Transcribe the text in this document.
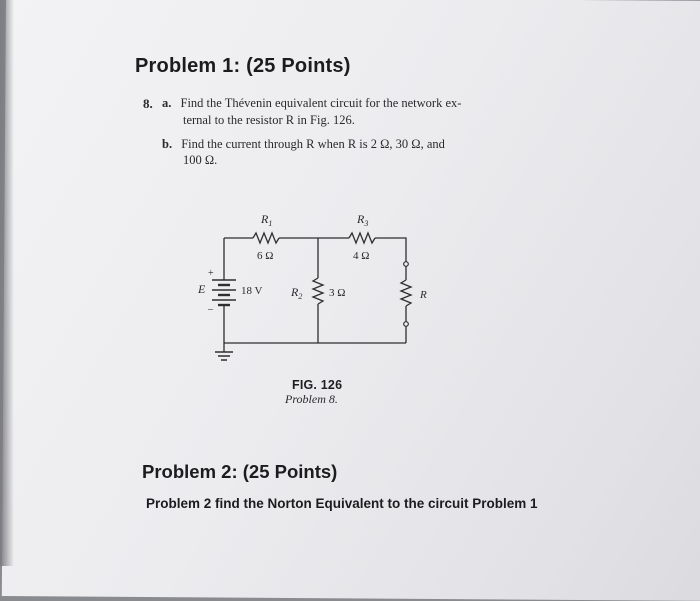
Problem 1: (25 Points)
8. a. Find the Thévenin equivalent circuit for the network ex-
ternal to the resistor R in Fig. 126.
b. Find the current through R when R is 2 Ω, 30 Ω, and
100 Ω.
$R_1$
6 Ω
$R_3$
4 Ω
$R_2$ 3 Ω
E	18 V
+
–
R
FIG. 126
Problem 8.
Problem 2: (25 Points)
Problem 2 find the Norton Equivalent to the circuit Problem 1
